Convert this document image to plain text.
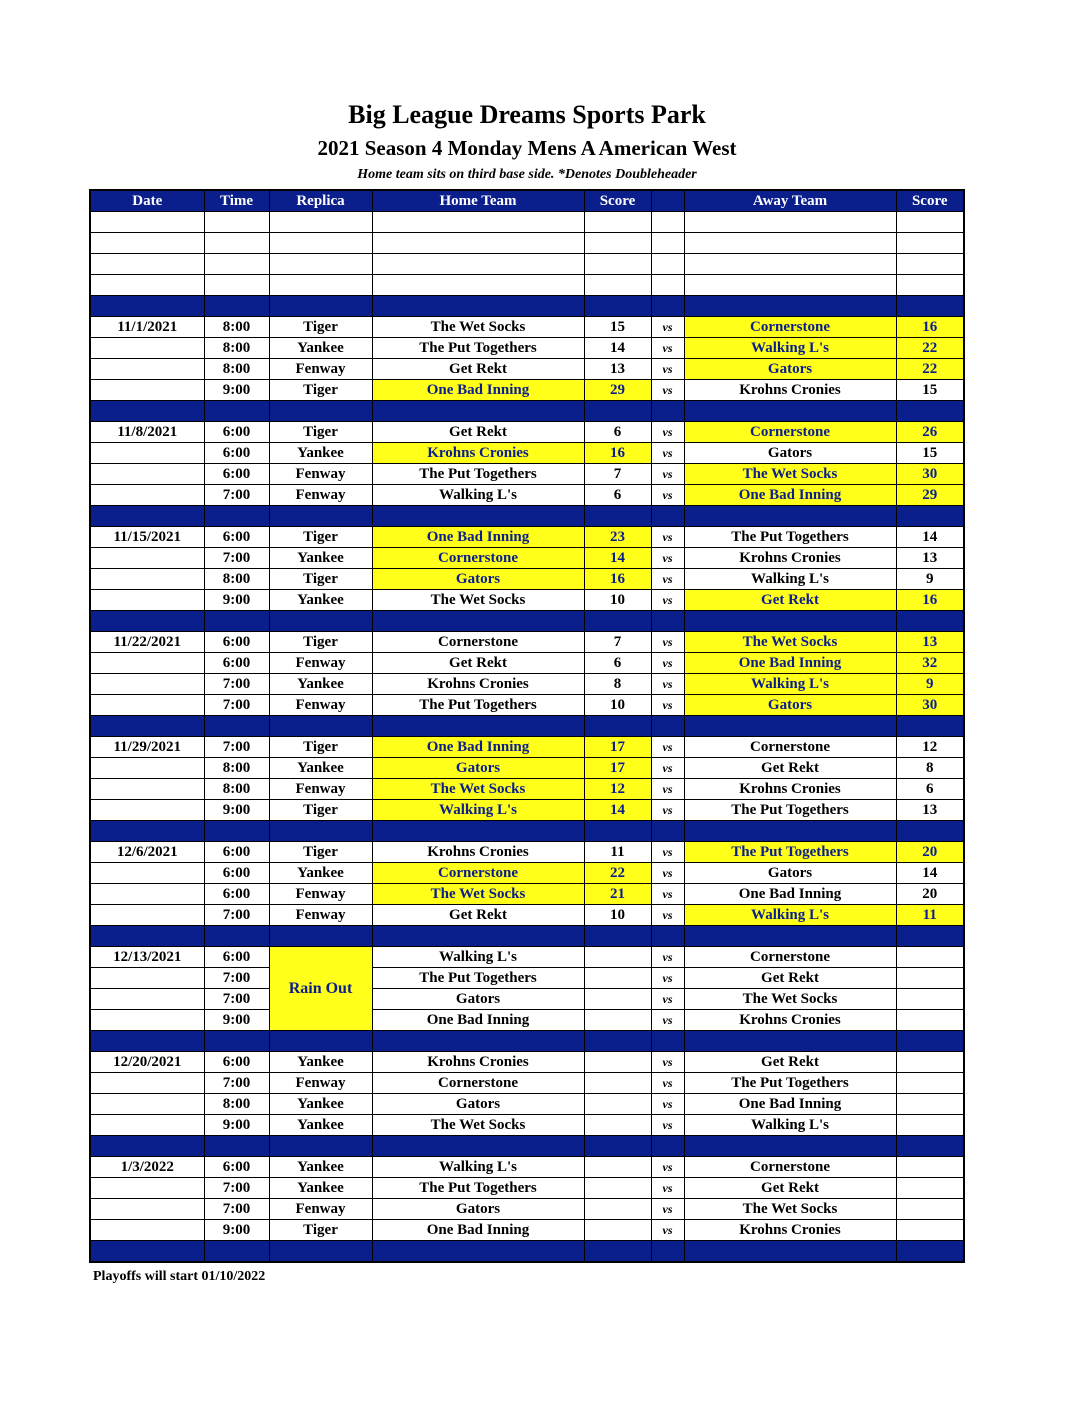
Big League Dreams Sports Park
2021 Season 4 Monday Mens A American West
Home team sits on third base side. *Denotes Doubleheader
Date	Time	Replica	Home Team	Score		Away Team	Score

11/1/2021	8:00	Tiger	The Wet Socks	15	vs	Cornerstone	16
	8:00	Yankee	The Put Togethers	14	vs	Walking L's	22
	8:00	Fenway	Get Rekt	13	vs	Gators	22
	9:00	Tiger	One Bad Inning	29	vs	Krohns Cronies	15

11/8/2021	6:00	Tiger	Get Rekt	6	vs	Cornerstone	26
	6:00	Yankee	Krohns Cronies	16	vs	Gators	15
	6:00	Fenway	The Put Togethers	7	vs	The Wet Socks	30
	7:00	Fenway	Walking L's	6	vs	One Bad Inning	29

11/15/2021	6:00	Tiger	One Bad Inning	23	vs	The Put Togethers	14
	7:00	Yankee	Cornerstone	14	vs	Krohns Cronies	13
	8:00	Tiger	Gators	16	vs	Walking L's	9
	9:00	Yankee	The Wet Socks	10	vs	Get Rekt	16

11/22/2021	6:00	Tiger	Cornerstone	7	vs	The Wet Socks	13
	6:00	Fenway	Get Rekt	6	vs	One Bad Inning	32
	7:00	Yankee	Krohns Cronies	8	vs	Walking L's	9
	7:00	Fenway	The Put Togethers	10	vs	Gators	30

11/29/2021	7:00	Tiger	One Bad Inning	17	vs	Cornerstone	12
	8:00	Yankee	Gators	17	vs	Get Rekt	8
	8:00	Fenway	The Wet Socks	12	vs	Krohns Cronies	6
	9:00	Tiger	Walking L's	14	vs	The Put Togethers	13

12/6/2021	6:00	Tiger	Krohns Cronies	11	vs	The Put Togethers	20
	6:00	Yankee	Cornerstone	22	vs	Gators	14
	6:00	Fenway	The Wet Socks	21	vs	One Bad Inning	20
	7:00	Fenway	Get Rekt	10	vs	Walking L's	11

12/13/2021	6:00	Rain Out	Walking L's		vs	Cornerstone	
	7:00		The Put Togethers		vs	Get Rekt	
	7:00		Gators		vs	The Wet Socks	
	9:00		One Bad Inning		vs	Krohns Cronies	

12/20/2021	6:00	Yankee	Krohns Cronies		vs	Get Rekt	
	7:00	Fenway	Cornerstone		vs	The Put Togethers	
	8:00	Yankee	Gators		vs	One Bad Inning	
	9:00	Yankee	The Wet Socks		vs	Walking L's	

1/3/2022	6:00	Yankee	Walking L's		vs	Cornerstone	
	7:00	Yankee	The Put Togethers		vs	Get Rekt	
	7:00	Fenway	Gators		vs	The Wet Socks	
	9:00	Tiger	One Bad Inning		vs	Krohns Cronies	

Playoffs will start 01/10/2022
